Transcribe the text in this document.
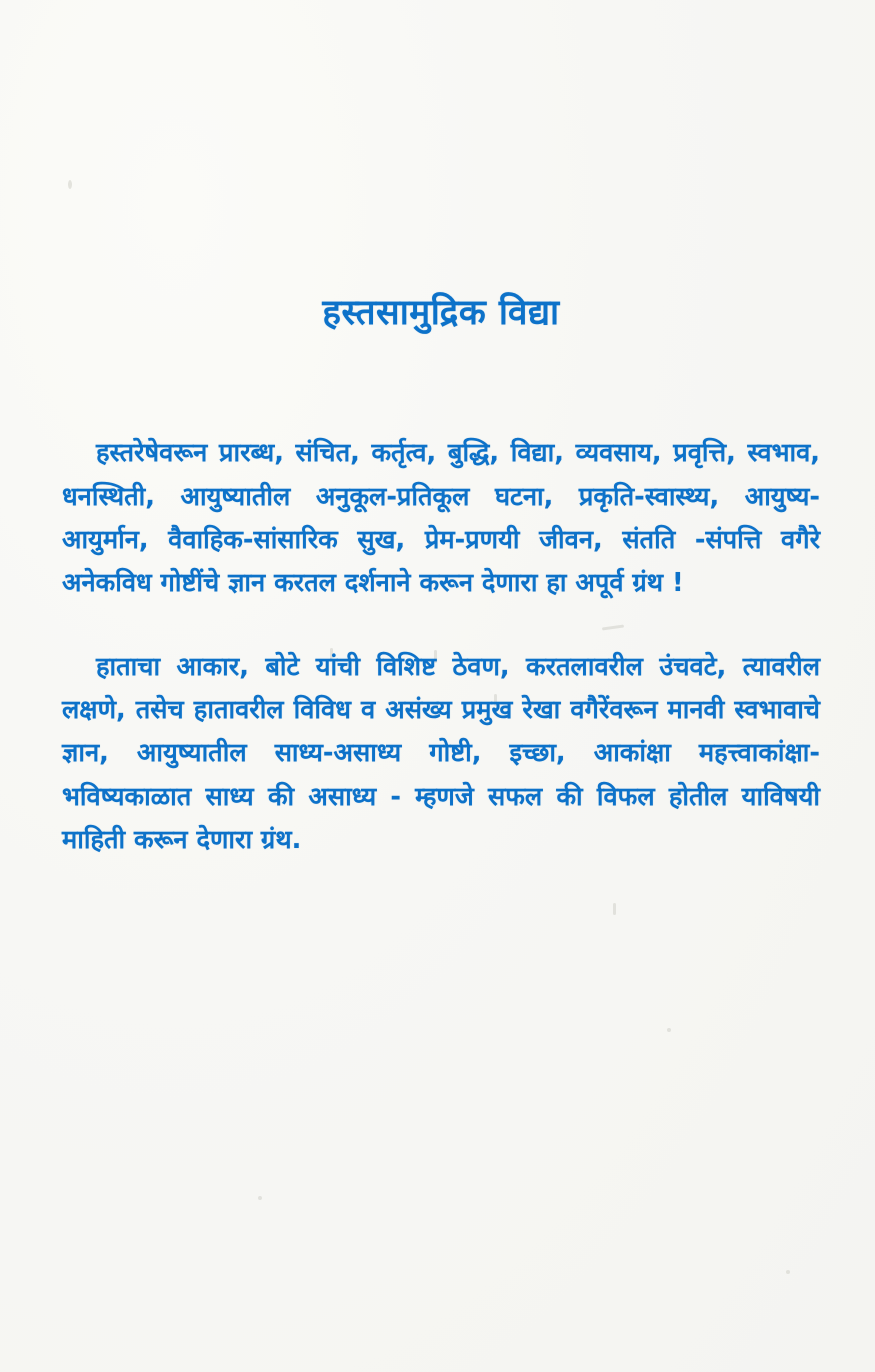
हस्तसामुद्रिक विद्या

हस्तरेषेवरून प्रारब्ध, संचित, कर्तृत्व, बुद्धि, विद्या, व्यवसाय, प्रवृत्ति, स्वभाव, धनस्थिती, आयुष्यातील अनुकूल-प्रतिकूल घटना, प्रकृति-स्वास्थ्य, आयुष्य-आयुर्मान, वैवाहिक-सांसारिक सुख, प्रेम-प्रणयी जीवन, संतति -संपत्ति वगैरे अनेकविध गोष्टींचे ज्ञान करतल दर्शनाने करून देणारा हा अपूर्व ग्रंथ !

हाताचा आकार, बोटे यांची विशिष्ट ठेवण, करतलावरील उंचवटे, त्यावरील लक्षणे, तसेच हातावरील विविध व असंख्य प्रमुख रेखा वगैरेंवरून मानवी स्वभावाचे ज्ञान, आयुष्यातील साध्य-असाध्य गोष्टी, इच्छा, आकांक्षा महत्त्वाकांक्षा-भविष्यकाळात साध्य की असाध्य - म्हणजे सफल की विफल होतील याविषयी माहिती करून देणारा ग्रंथ.
